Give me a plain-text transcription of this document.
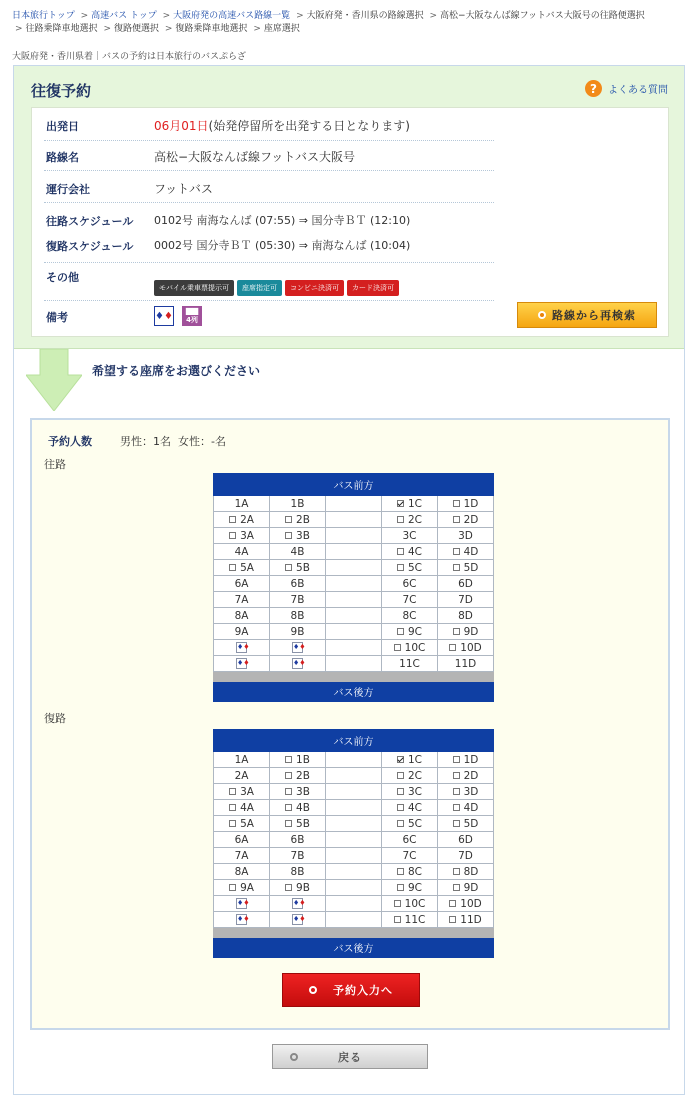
日本旅行トップ > 高速バス トップ > 大阪府発の高速バス路線一覧 > 大阪府発・香川県の路線選択 > 高松−大阪なんば線フットバス大阪号の往路便選択 > 往路乗降車地選択 > 復路便選択 > 復路乗降車地選択 > 座席選択
大阪府発・香川県着｜バスの予約は日本旅行のバスぷらざ
往復予約	?	よくある質問
出発日	06月01日(始発停留所を出発する日となります)
路線名	高松−大阪なんば線フットバス大阪号
運行会社	フットバス
往路スケジュール 0102号 南海なんば (07:55) ⇒ 国分寺ＢＴ (12:10)
復路スケジュール 0002号 国分寺ＢＴ (05:30) ⇒ 南海なんば (10:04)
その他
モバイル乗車票提示可	座席指定可	コンビニ決済可	カード決済可
備考	♦ ♦ ▆▆
4列	路線から再検索
希望する座席をお選びください
予約人数	男性：1名  女性：-名
往路
バス前方				
1A	1B		1C	1D
2A	2B		2C	2D
3A	3B		3C	3D
4A	4B		4C	4D
5A	5B		5C	5D
6A	6B		6C	6D
7A	7B		7C	7D
8A	8B		8C	8D
9A	9B		9C	9D
♦♦	♦♦		10C	10D
♦♦	♦♦		11C	11D

バス後方				
復路
バス前方				
1A	1B		1C	1D
2A	2B		2C	2D
3A	3B		3C	3D
4A	4B		4C	4D
5A	5B		5C	5D
6A	6B		6C	6D
7A	7B		7C	7D
8A	8B		8C	8D
9A	9B		9C	9D
♦♦	♦♦		10C	10D
♦♦	♦♦		11C	11D

バス後方				
予約入力へ
戻る
